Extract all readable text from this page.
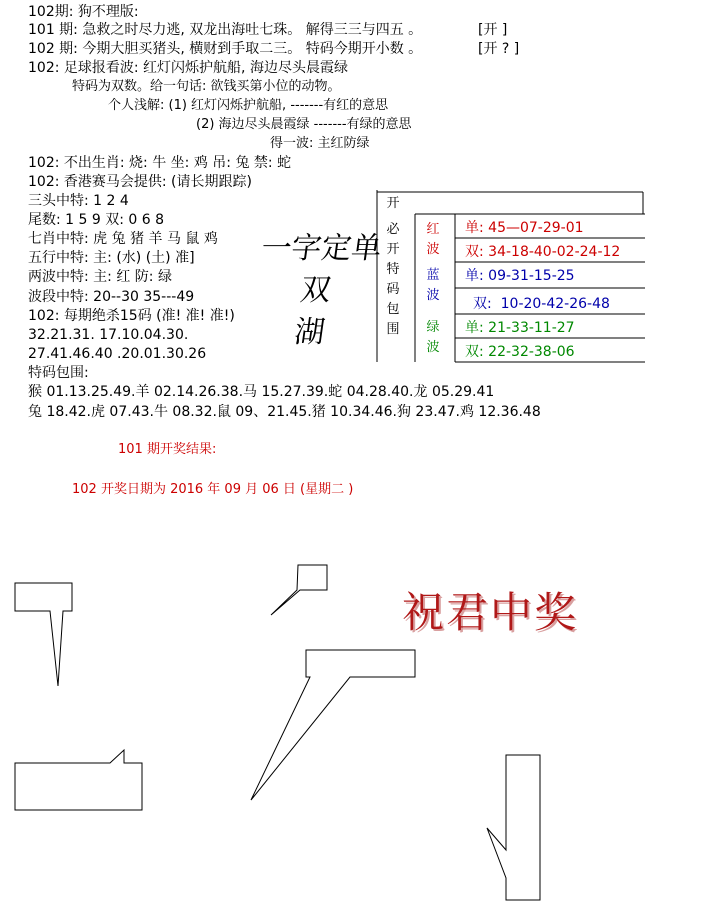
102期: 狗不理版:
101 期: 急救之时尽力逃, 双龙出海吐七珠。 解得三三与四五 。	[开 ]
102 期: 今期大胆买猪头, 横财到手取二三。 特码今期开小数 。	[开 ? ]
102: 足球报看波: 红灯闪烁护航船, 海边尽头晨霞绿
特码为双数。给一句话: 欲钱买第小位的动物。
个人浅解: (1) 红灯闪烁护航船, -------有红的意思
(2) 海边尽头晨霞绿 -------有绿的意思
得一波: 主红防绿
102: 不出生肖: 烧: 牛 坐: 鸡 吊: 兔 禁: 蛇
102: 香港赛马会提供: (请长期跟踪)
三头中特: 1 2 4
尾数: 1 5 9 双: 0 6 8
七肖中特: 虎 兔 猪 羊 马 鼠 鸡
五行中特: 主: (水) (土) 准]
两波中特: 主: 红 防: 绿
波段中特: 20--30 35---49
102: 每期绝杀15码 (准! 准! 准!)
32.21.31. 17.10.04.30.
27.41.46.40 .20.01.30.26
特码包围:
猴 01.13.25.49.羊 02.14.26.38.马 15.27.39.蛇 04.28.40.龙 05.29.41
兔 18.42.虎 07.43.牛 08.32.鼠 09、21.45.猪 10.34.46.狗 23.47.鸡 12.36.48
101 期开奖结果:
102 开奖日期为 2016 年 09 月 06 日 (星期二 )
一字定单双
湖
开
必
开
特
码
包
围
红
波
蓝
波
绿
波
单: 45—07-29-01
双: 34-18-40-02-24-12
单: 09-31-15-25
双: 10-20-42-26-48
单: 21-33-11-27
双: 22-32-38-06
祝君中奖
